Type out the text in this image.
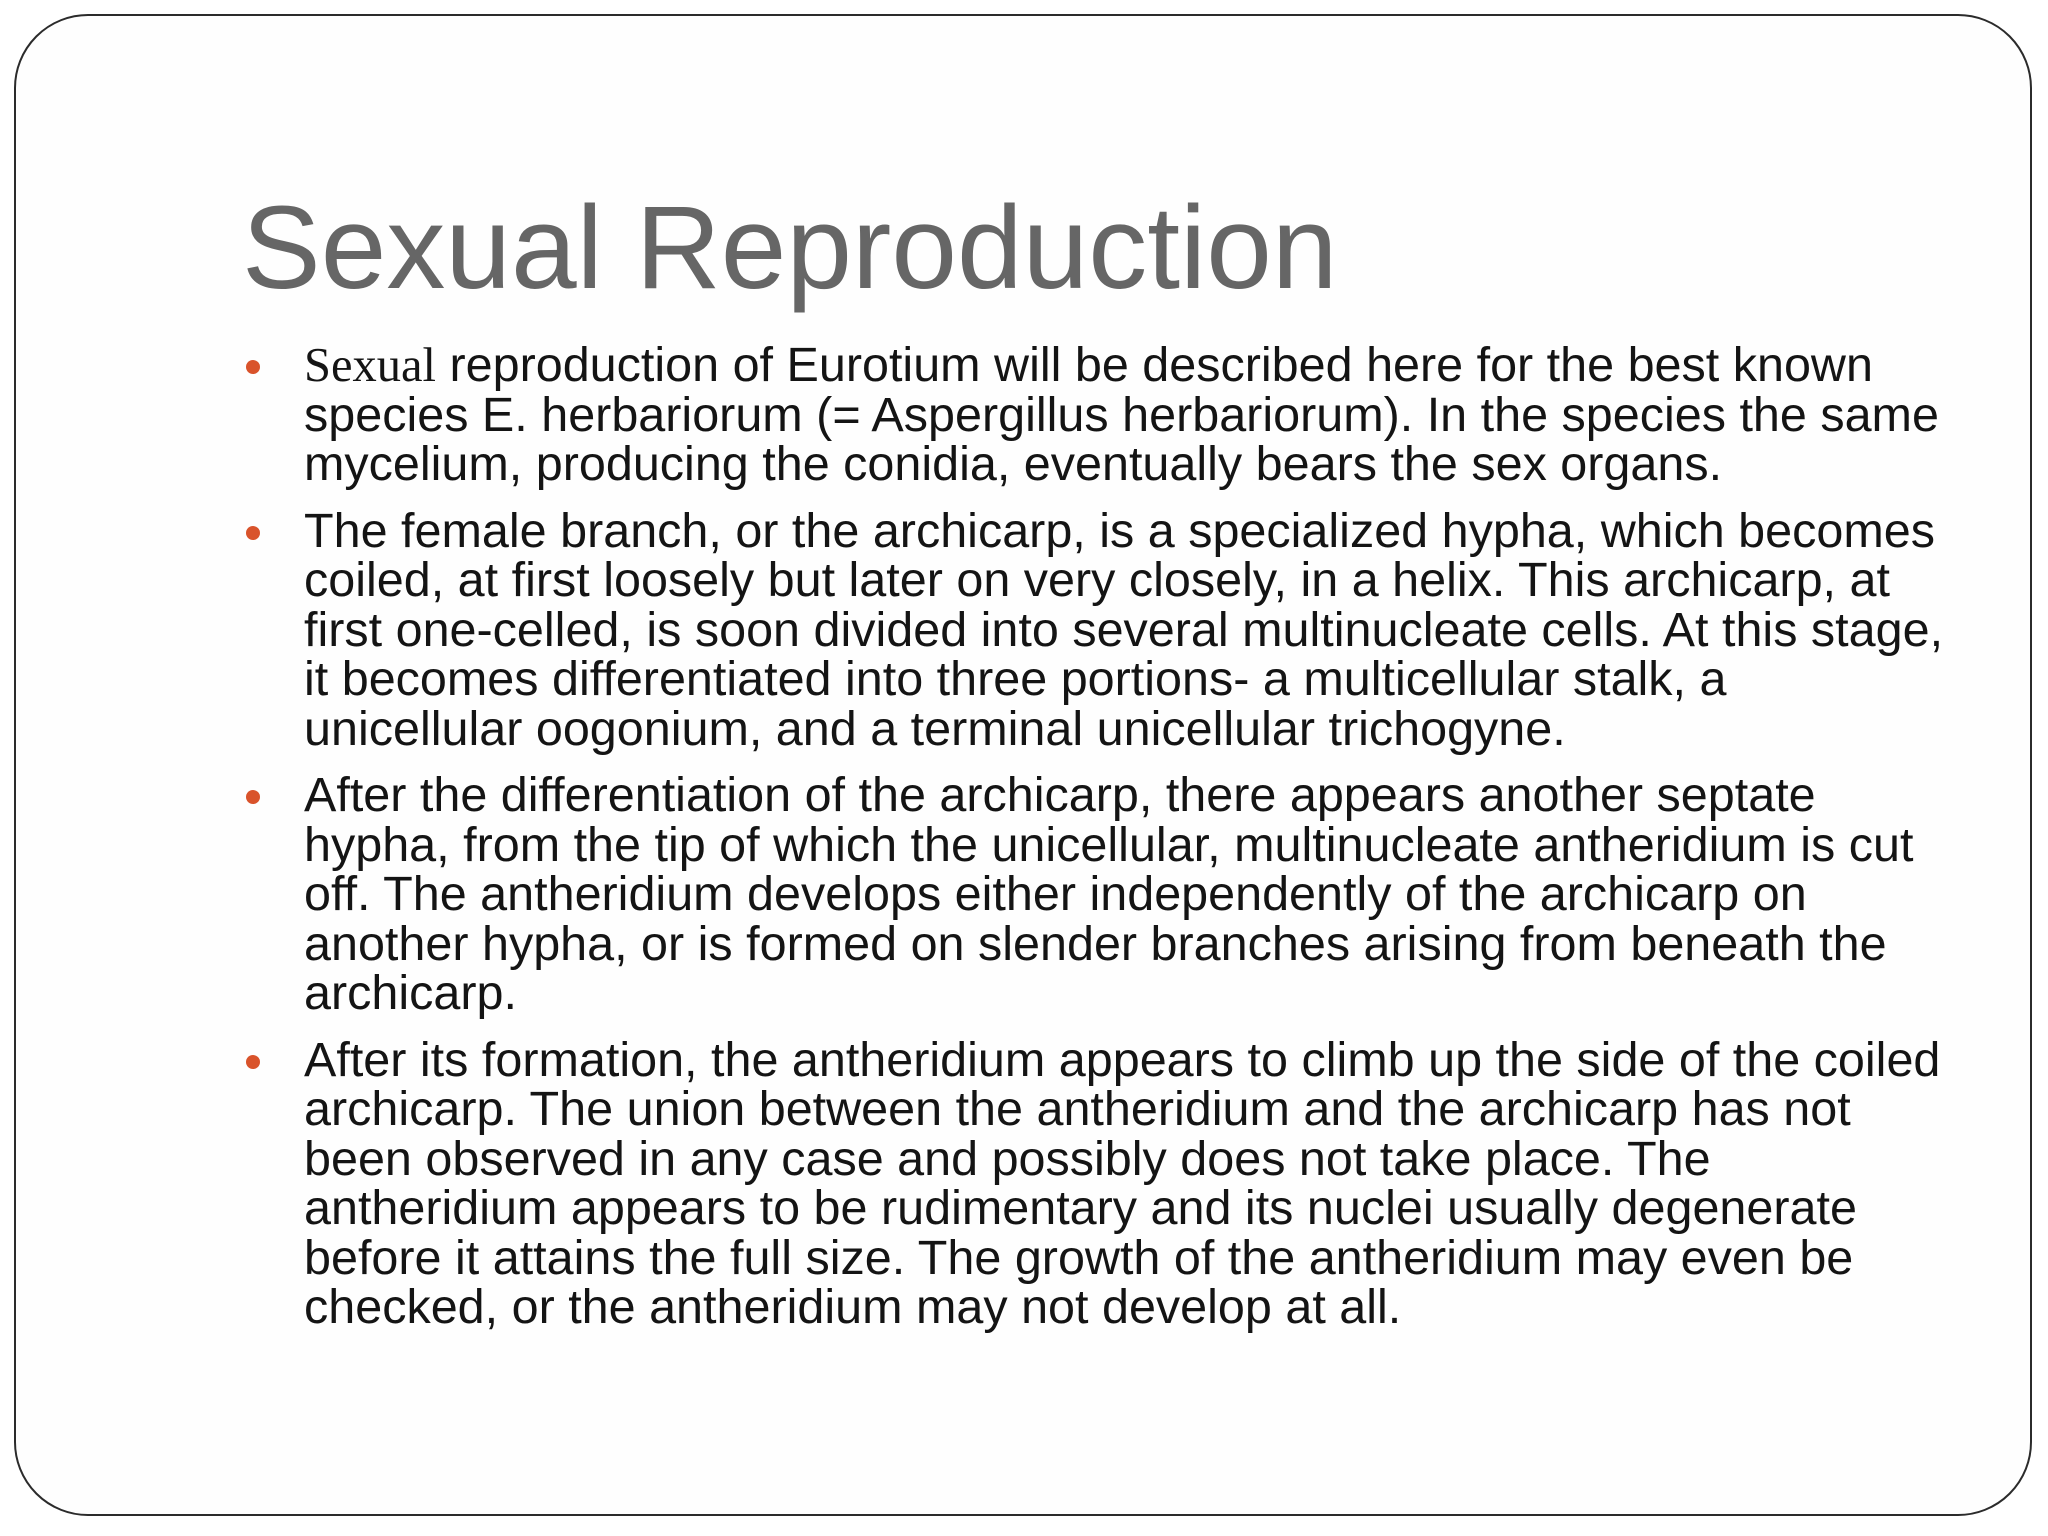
Sexual Reproduction
Sexual reproduction of Eurotium will be described here for the best known species E. herbariorum (= Aspergillus herbariorum). In the species the same mycelium, producing the conidia, eventually bears the sex organs.
The female branch, or the archicarp, is a specialized hypha, which becomes coiled, at first loosely but later on very closely, in a helix. This archicarp, at first one-celled, is soon divided into several multinucleate cells. At this stage, it becomes differentiated into three portions- a multicellular stalk, a unicellular oogonium, and a terminal unicellular trichogyne.
After the differentiation of the archicarp, there appears another septate hypha, from the tip of which the unicellular, multinucleate antheridium is cut off. The antheridium develops either independently of the archicarp on another hypha, or is formed on slender branches arising from beneath the archicarp.
After its formation, the antheridium appears to climb up the side of the coiled archicarp. The union between the antheridium and the archicarp has not been observed in any case and possibly does not take place. The antheridium appears to be rudimentary and its nuclei usually degenerate before it attains the full size. The growth of the antheridium may even be checked, or the antheridium may not develop at all.
